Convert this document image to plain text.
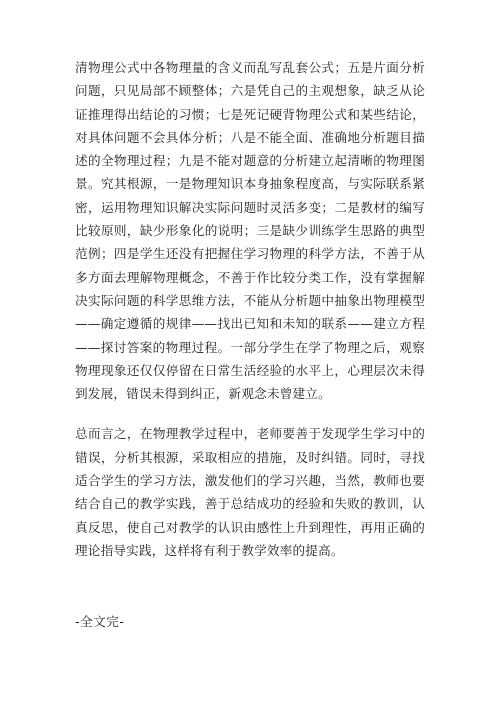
清物理公式中各物理量的含义而乱写乱套公式；五是片面分析问题，只见局部不顾整体；六是凭自己的主观想象，缺乏从论证推理得出结论的习惯；七是死记硬背物理公式和某些结论，对具体问题不会具体分析；八是不能全面、准确地分析题目描述的全物理过程；九是不能对题意的分析建立起清晰的物理图景。究其根源，一是物理知识本身抽象程度高，与实际联系紧密，运用物理知识解决实际问题时灵活多变；二是教材的编写比较原则，缺少形象化的说明；三是缺少训练学生思路的典型范例；四是学生还没有把握住学习物理的科学方法，不善于从多方面去理解物理概念，不善于作比较分类工作，没有掌握解决实际问题的科学思维方法，不能从分析题中抽象出物理模型——确定遵循的规律——找出已知和未知的联系——建立方程——探讨答案的物理过程。一部分学生在学了物理之后，观察物理现象还仅仅停留在日常生活经验的水平上，心理层次未得到发展，错误未得到纠正，新观念未曾建立。

总而言之，在物理教学过程中，老师要善于发现学生学习中的错误，分析其根源，采取相应的措施，及时纠错。同时，寻找适合学生的学习方法，激发他们的学习兴趣，当然，教师也要结合自己的教学实践，善于总结成功的经验和失败的教训，认真反思，使自己对教学的认识由感性上升到理性，再用正确的理论指导实践，这样将有利于教学效率的提高。

-全文完-
